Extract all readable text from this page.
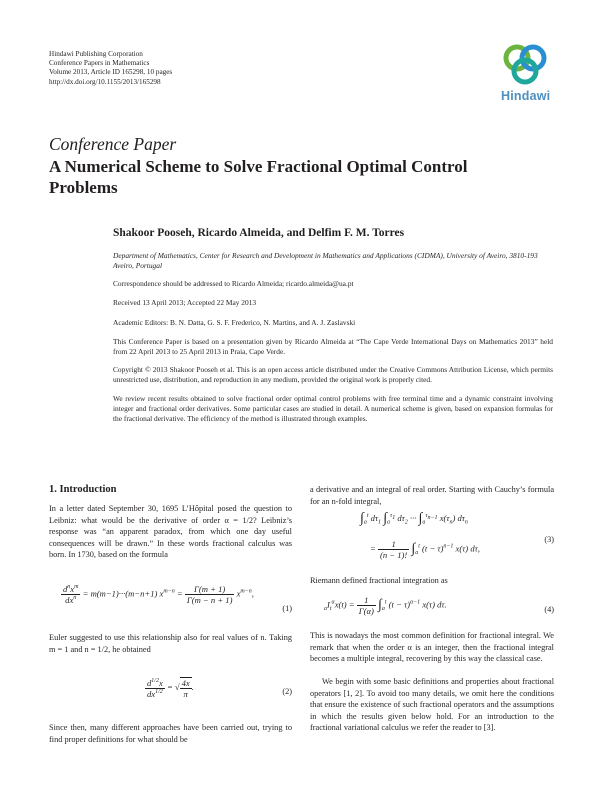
Hindawi Publishing Corporation
Conference Papers in Mathematics
Volume 2013, Article ID 165298, 10 pages
http://dx.doi.org/10.1155/2013/165298
Hindawi
Conference Paper
A Numerical Scheme to Solve Fractional Optimal Control Problems
Shakoor Pooseh, Ricardo Almeida, and Delfim F. M. Torres
Department of Mathematics, Center for Research and Development in Mathematics and Applications (CIDMA), University of Aveiro, 3810-193 Aveiro, Portugal
Correspondence should be addressed to Ricardo Almeida; ricardo.almeida@ua.pt
Received 13 April 2013; Accepted 22 May 2013
Academic Editors: B. N. Datta, G. S. F. Frederico, N. Martins, and A. J. Zaslavski
This Conference Paper is based on a presentation given by Ricardo Almeida at “The Cape Verde International Days on Mathematics 2013” held from 22 April 2013 to 25 April 2013 in Praia, Cape Verde.
Copyright © 2013 Shakoor Pooseh et al. This is an open access article distributed under the Creative Commons Attribution License, which permits unrestricted use, distribution, and reproduction in any medium, provided the original work is properly cited.
We review recent results obtained to solve fractional order optimal control problems with free terminal time and a dynamic constraint involving integer and fractional order derivatives. Some particular cases are studied in detail. A numerical scheme is given, based on expansion formulas for the fractional derivative. The efficiency of the method is illustrated through examples.
1. Introduction
In a letter dated September 30, 1695 L’Hôpital posed the question to Leibniz: what would be the derivative of order α = 1/2? Leibniz’s response was “an apparent paradox, from which one day useful consequences will be drawn.” In these words fractional calculus was born. In 1730, based on the formula
$\frac{d^nx^m}{dx^n} = m(m-1)\cdot\cdot\cdot(m-n+1) x^{m-n} = \frac{\Gamma(m + 1)}{\Gamma(m - n + 1)} x^{m-n}$,
(1)
Euler suggested to use this relationship also for real values of n. Taking m = 1 and n = 1/2, he obtained
$\frac{d^{1/2}x}{dx^{1/2}}$ = √ $\frac{4x}{\pi}$ .	(2)
Since then, many different approaches have been carried out, trying to find proper definitions for what should be
a derivative and an integral of real order. Starting with Cauchy’s formula for an n-fold integral,
$\int_a^t$ $d\tau_1$ $\int_a^{\tau_1}$ $d\tau_2$ ··· $\int_a^{\tau_{n-1}}$ $x(\tau_n)$ $d\tau_n$
= $\frac{1}{(n - 1)!} \int_a^t$ $(t - \tau)^{n-1}$ x(τ) dτ,
(3)
Riemann defined fractional integration as
$_aI_t^\alpha x(t) = \frac{1}{\Gamma(\alpha)} \int_a^t$ $(t - \tau)^{\alpha-1}$ x(τ) dτ.
(4)
This is nowadays the most common definition for fractional integral. We remark that when the order α is an integer, then the fractional integral becomes a multiple integral, recovering by this way the classical case.
We begin with some basic definitions and properties about fractional operators [1, 2]. To avoid too many details, we omit here the conditions that ensure the existence of such fractional operators and the assumptions in which the results given below hold. For an introduction to the fractional variational calculus we refer the reader to [3].
